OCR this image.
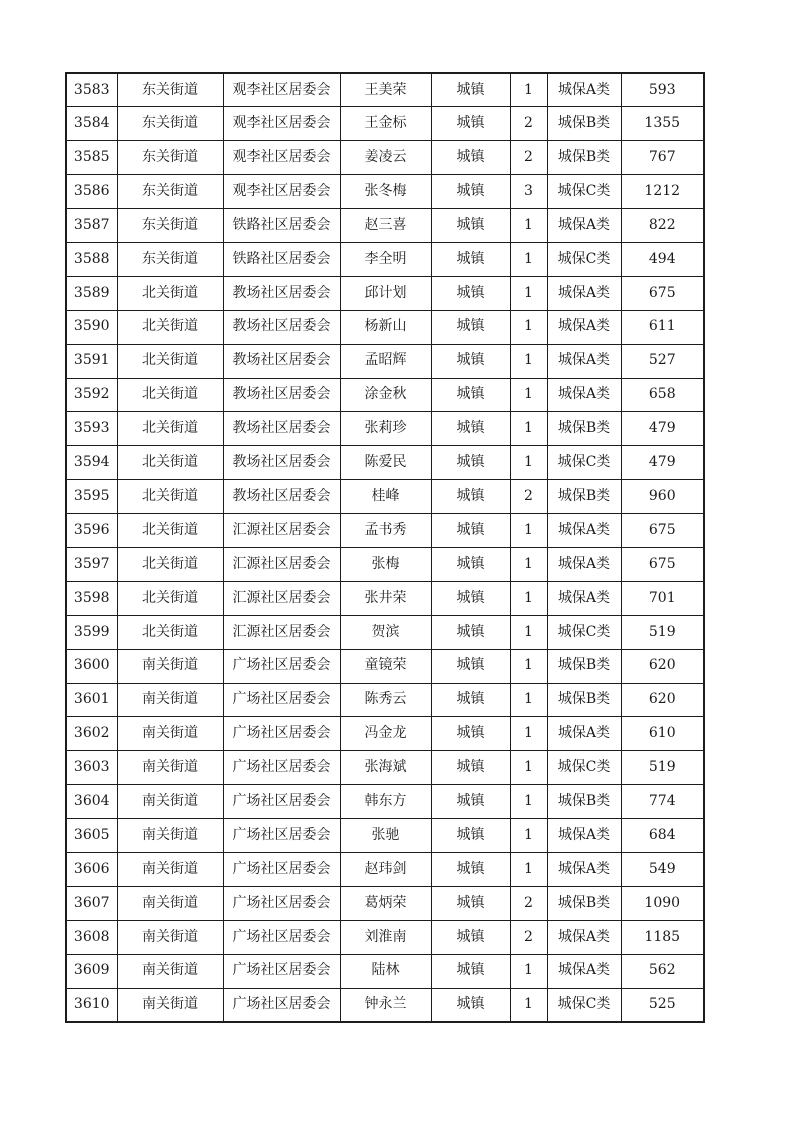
3583	东关街道	观李社区居委会	王美荣	城镇	1	城保A类	593
3584	东关街道	观李社区居委会	王金标	城镇	2	城保B类	1355
3585	东关街道	观李社区居委会	姜凌云	城镇	2	城保B类	767
3586	东关街道	观李社区居委会	张冬梅	城镇	3	城保C类	1212
3587	东关街道	铁路社区居委会	赵三喜	城镇	1	城保A类	822
3588	东关街道	铁路社区居委会	李全明	城镇	1	城保C类	494
3589	北关街道	教场社区居委会	邱计划	城镇	1	城保A类	675
3590	北关街道	教场社区居委会	杨新山	城镇	1	城保A类	611
3591	北关街道	教场社区居委会	孟昭辉	城镇	1	城保A类	527
3592	北关街道	教场社区居委会	涂金秋	城镇	1	城保A类	658
3593	北关街道	教场社区居委会	张莉珍	城镇	1	城保B类	479
3594	北关街道	教场社区居委会	陈爱民	城镇	1	城保C类	479
3595	北关街道	教场社区居委会	桂峰	城镇	2	城保B类	960
3596	北关街道	汇源社区居委会	孟书秀	城镇	1	城保A类	675
3597	北关街道	汇源社区居委会	张梅	城镇	1	城保A类	675
3598	北关街道	汇源社区居委会	张井荣	城镇	1	城保A类	701
3599	北关街道	汇源社区居委会	贺滨	城镇	1	城保C类	519
3600	南关街道	广场社区居委会	童镜荣	城镇	1	城保B类	620
3601	南关街道	广场社区居委会	陈秀云	城镇	1	城保B类	620
3602	南关街道	广场社区居委会	冯金龙	城镇	1	城保A类	610
3603	南关街道	广场社区居委会	张海斌	城镇	1	城保C类	519
3604	南关街道	广场社区居委会	韩东方	城镇	1	城保B类	774
3605	南关街道	广场社区居委会	张驰	城镇	1	城保A类	684
3606	南关街道	广场社区居委会	赵玮剑	城镇	1	城保A类	549
3607	南关街道	广场社区居委会	葛炳荣	城镇	2	城保B类	1090
3608	南关街道	广场社区居委会	刘淮南	城镇	2	城保A类	1185
3609	南关街道	广场社区居委会	陆林	城镇	1	城保A类	562
3610	南关街道	广场社区居委会	钟永兰	城镇	1	城保C类	525
